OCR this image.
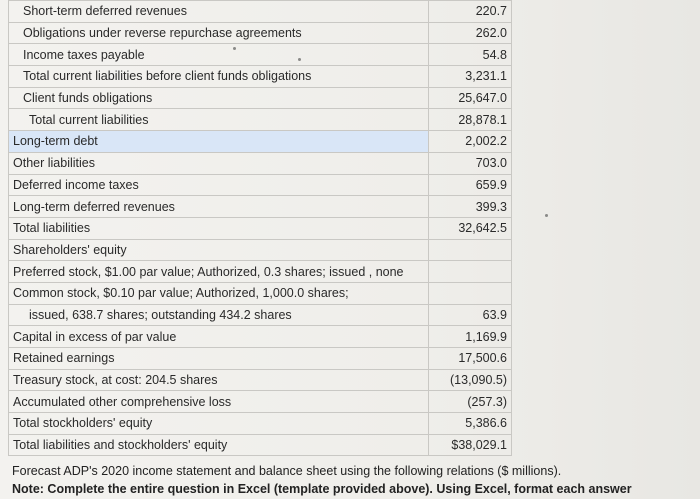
Short-term deferred revenues	220.7
Obligations under reverse repurchase agreements	262.0
Income taxes payable	54.8
Total current liabilities before client funds obligations	3,231.1
Client funds obligations	25,647.0
Total current liabilities	28,878.1
Long-term debt	2,002.2
Other liabilities	703.0
Deferred income taxes	659.9
Long-term deferred revenues	399.3
Total liabilities	32,642.5
Shareholders' equity	
Preferred stock, $1.00 par value; Authorized, 0.3 shares; issued , none	
Common stock, $0.10 par value; Authorized, 1,000.0 shares;	
issued, 638.7 shares; outstanding 434.2 shares	63.9
Capital in excess of par value	1,169.9
Retained earnings	17,500.6
Treasury stock, at cost: 204.5 shares	(13,090.5)
Accumulated other comprehensive loss	(257.3)
Total stockholders' equity	5,386.6
Total liabilities and stockholders' equity	$38,029.1
Forecast ADP's 2020 income statement and balance sheet using the following relations ($ millions).
Note: Complete the entire question in Excel (template provided above). Using Excel, format each answer
